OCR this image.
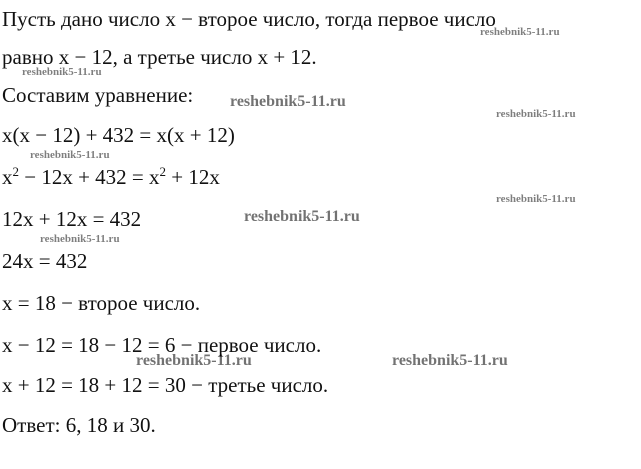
Пусть дано число x − второе число, тогда первое число
равно x − 12, а третье число x + 12.
Составим уравнение:
x(x − 12) + 432 = x(x + 12)
$x^2 - 12x + 432 = x^2 + 12x$
12x + 12x = 432
24x = 432
x = 18 − второе число.
x − 12 = 18 − 12 = 6 − первое число.
x + 12 = 18 + 12 = 30 − третье число.
Ответ: 6, 18 и 30.
reshebnik5-11.ru
reshebnik5-11.ru
reshebnik5-11.ru
reshebnik5-11.ru
reshebnik5-11.ru
reshebnik5-11.ru
reshebnik5-11.ru
reshebnik5-11.ru
reshebnik5-11.ru	reshebnik5-11.ru
